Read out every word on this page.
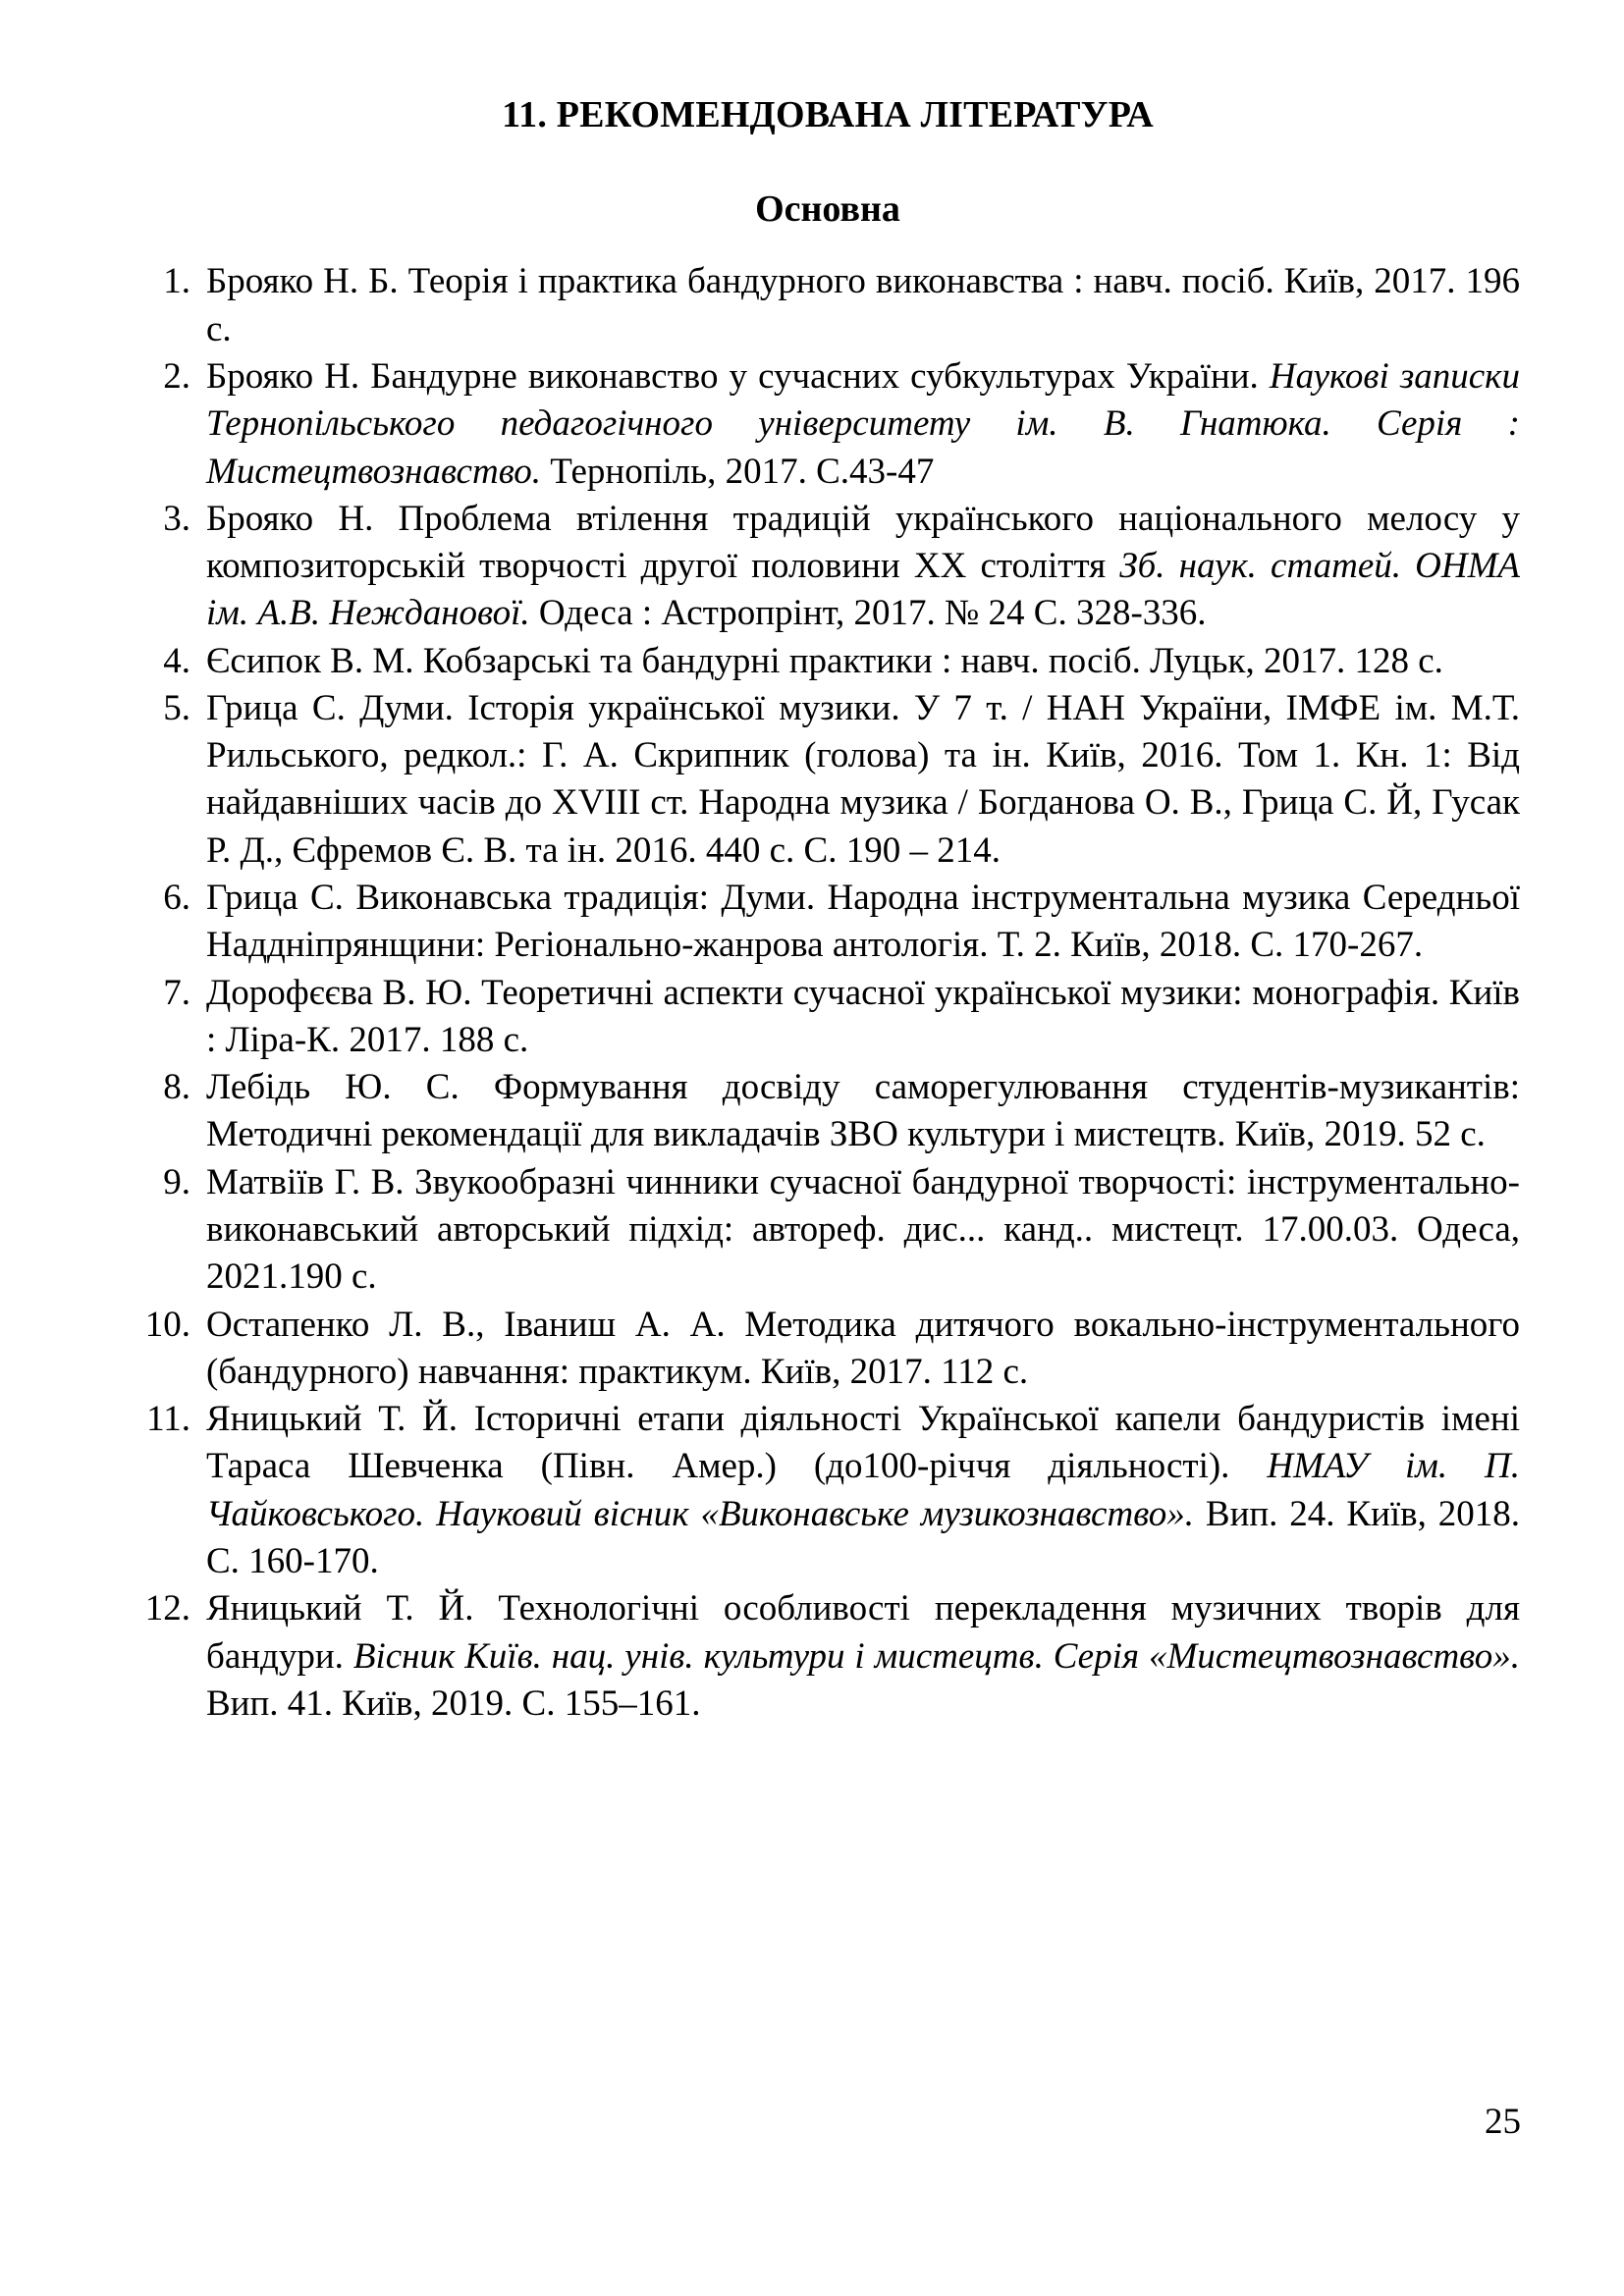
11. РЕКОМЕНДОВАНА ЛІТЕРАТУРА
Основна
Брояко Н. Б. Теорія і практика бандурного виконавства : навч. посіб. Київ, 2017. 196 с.
Брояко Н. Бандурне виконавство у сучасних субкультурах України. Наукові записки Тернопільського педагогічного університету ім. В. Гнатюка. Серія : Мистецтвознавство. Тернопіль, 2017. С.43-47
Брояко Н. Проблема втілення традицій українського національного мелосу у композиторській творчості другої половини ХХ століття Зб. наук. статей. ОНМА ім. А.В. Нежданової. Одеса : Астропрінт, 2017. № 24 С. 328-336.
Єсипок В. М. Кобзарські та бандурні практики : навч. посіб. Луцьк, 2017. 128 с.
Грица С. Думи. Історія української музики. У 7 т. / НАН України, ІМФЕ ім. М.Т. Рильського, редкол.: Г. А. Скрипник (голова) та ін. Київ, 2016. Том 1. Кн. 1: Від найдавніших часів до XVIII ст. Народна музика / Богданова О. В., Грица С. Й, Гусак Р. Д., Єфремов Є. В. та ін. 2016. 440 с. С. 190 – 214.
Грица С. Виконавська традиція: Думи. Народна інструментальна музика Середньої Наддніпрянщини: Регіонально-жанрова антологія. Т. 2. Київ, 2018. С. 170-267.
Дорофєєва В. Ю. Теоретичні аспекти сучасної української музики: монографія. Київ : Ліра-К. 2017. 188 с.
Лебідь Ю. С. Формування досвіду саморегулювання студентів-музикантів: Методичні рекомендації для викладачів ЗВО культури і мистецтв. Київ, 2019. 52 с.
Матвіїв Г. В. Звукообразні чинники сучасної бандурної творчості: інструментально-виконавський авторський підхід: автореф. дис... канд.. мистецт. 17.00.03. Одеса, 2021.190 с.
Остапенко Л. В., Іваниш А. А. Методика дитячого вокально-інструментального (бандурного) навчання: практикум. Київ, 2017. 112 с.
Яницький Т. Й. Історичні етапи діяльності Української капели бандуристів імені Тараса Шевченка (Півн. Амер.) (до100-річчя діяльності). НМАУ ім. П. Чайковського. Науковий вісник «Виконавське музикознавство». Вип. 24. Київ, 2018. С. 160-170.
Яницький Т. Й. Технологічні особливості перекладення музичних творів для бандури. Вісник Київ. нац. унів. культури і мистецтв. Серія «Мистецтвознавство». Вип. 41. Київ, 2019. С. 155–161.
25
